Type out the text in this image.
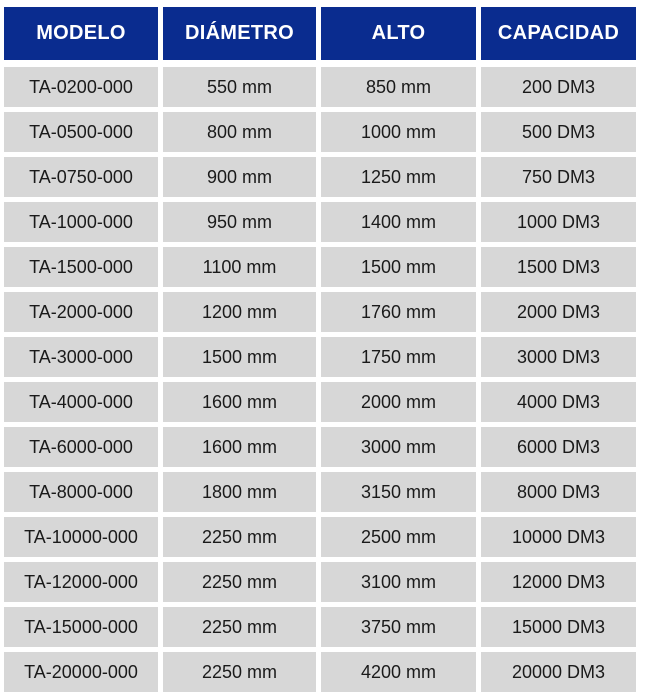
MODELO	DIÁMETRO	ALTO	CAPACIDAD
TA-0200-000	550 mm	850 mm	200 DM3
TA-0500-000	800 mm	1000 mm	500 DM3
TA-0750-000	900 mm	1250 mm	750 DM3
TA-1000-000	950 mm	1400 mm	1000 DM3
TA-1500-000	1100 mm	1500 mm	1500 DM3
TA-2000-000	1200 mm	1760 mm	2000 DM3
TA-3000-000	1500 mm	1750 mm	3000 DM3
TA-4000-000	1600 mm	2000 mm	4000 DM3
TA-6000-000	1600 mm	3000 mm	6000 DM3
TA-8000-000	1800 mm	3150 mm	8000 DM3
TA-10000-000	2250 mm	2500 mm	10000 DM3
TA-12000-000	2250 mm	3100 mm	12000 DM3
TA-15000-000	2250 mm	3750 mm	15000 DM3
TA-20000-000	2250 mm	4200 mm	20000 DM3
